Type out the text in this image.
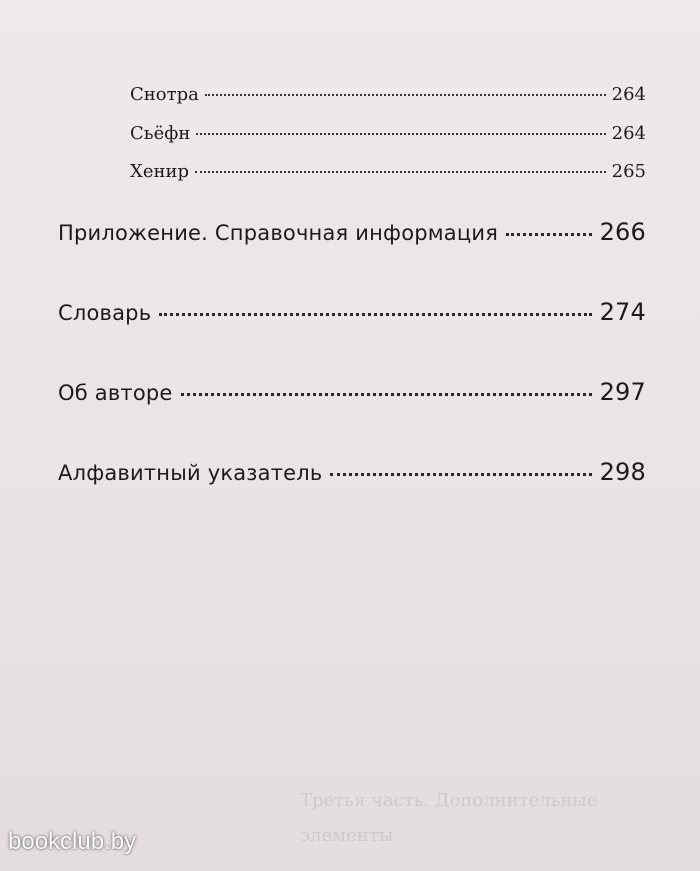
Третья часть. Дополнительные
элементы
Снотра	264
Сьёфн	264
Хенир	265
Приложение. Справочная информация	266
Словарь	274
Об авторе	297
Алфавитный указатель	298
bookclub.by
